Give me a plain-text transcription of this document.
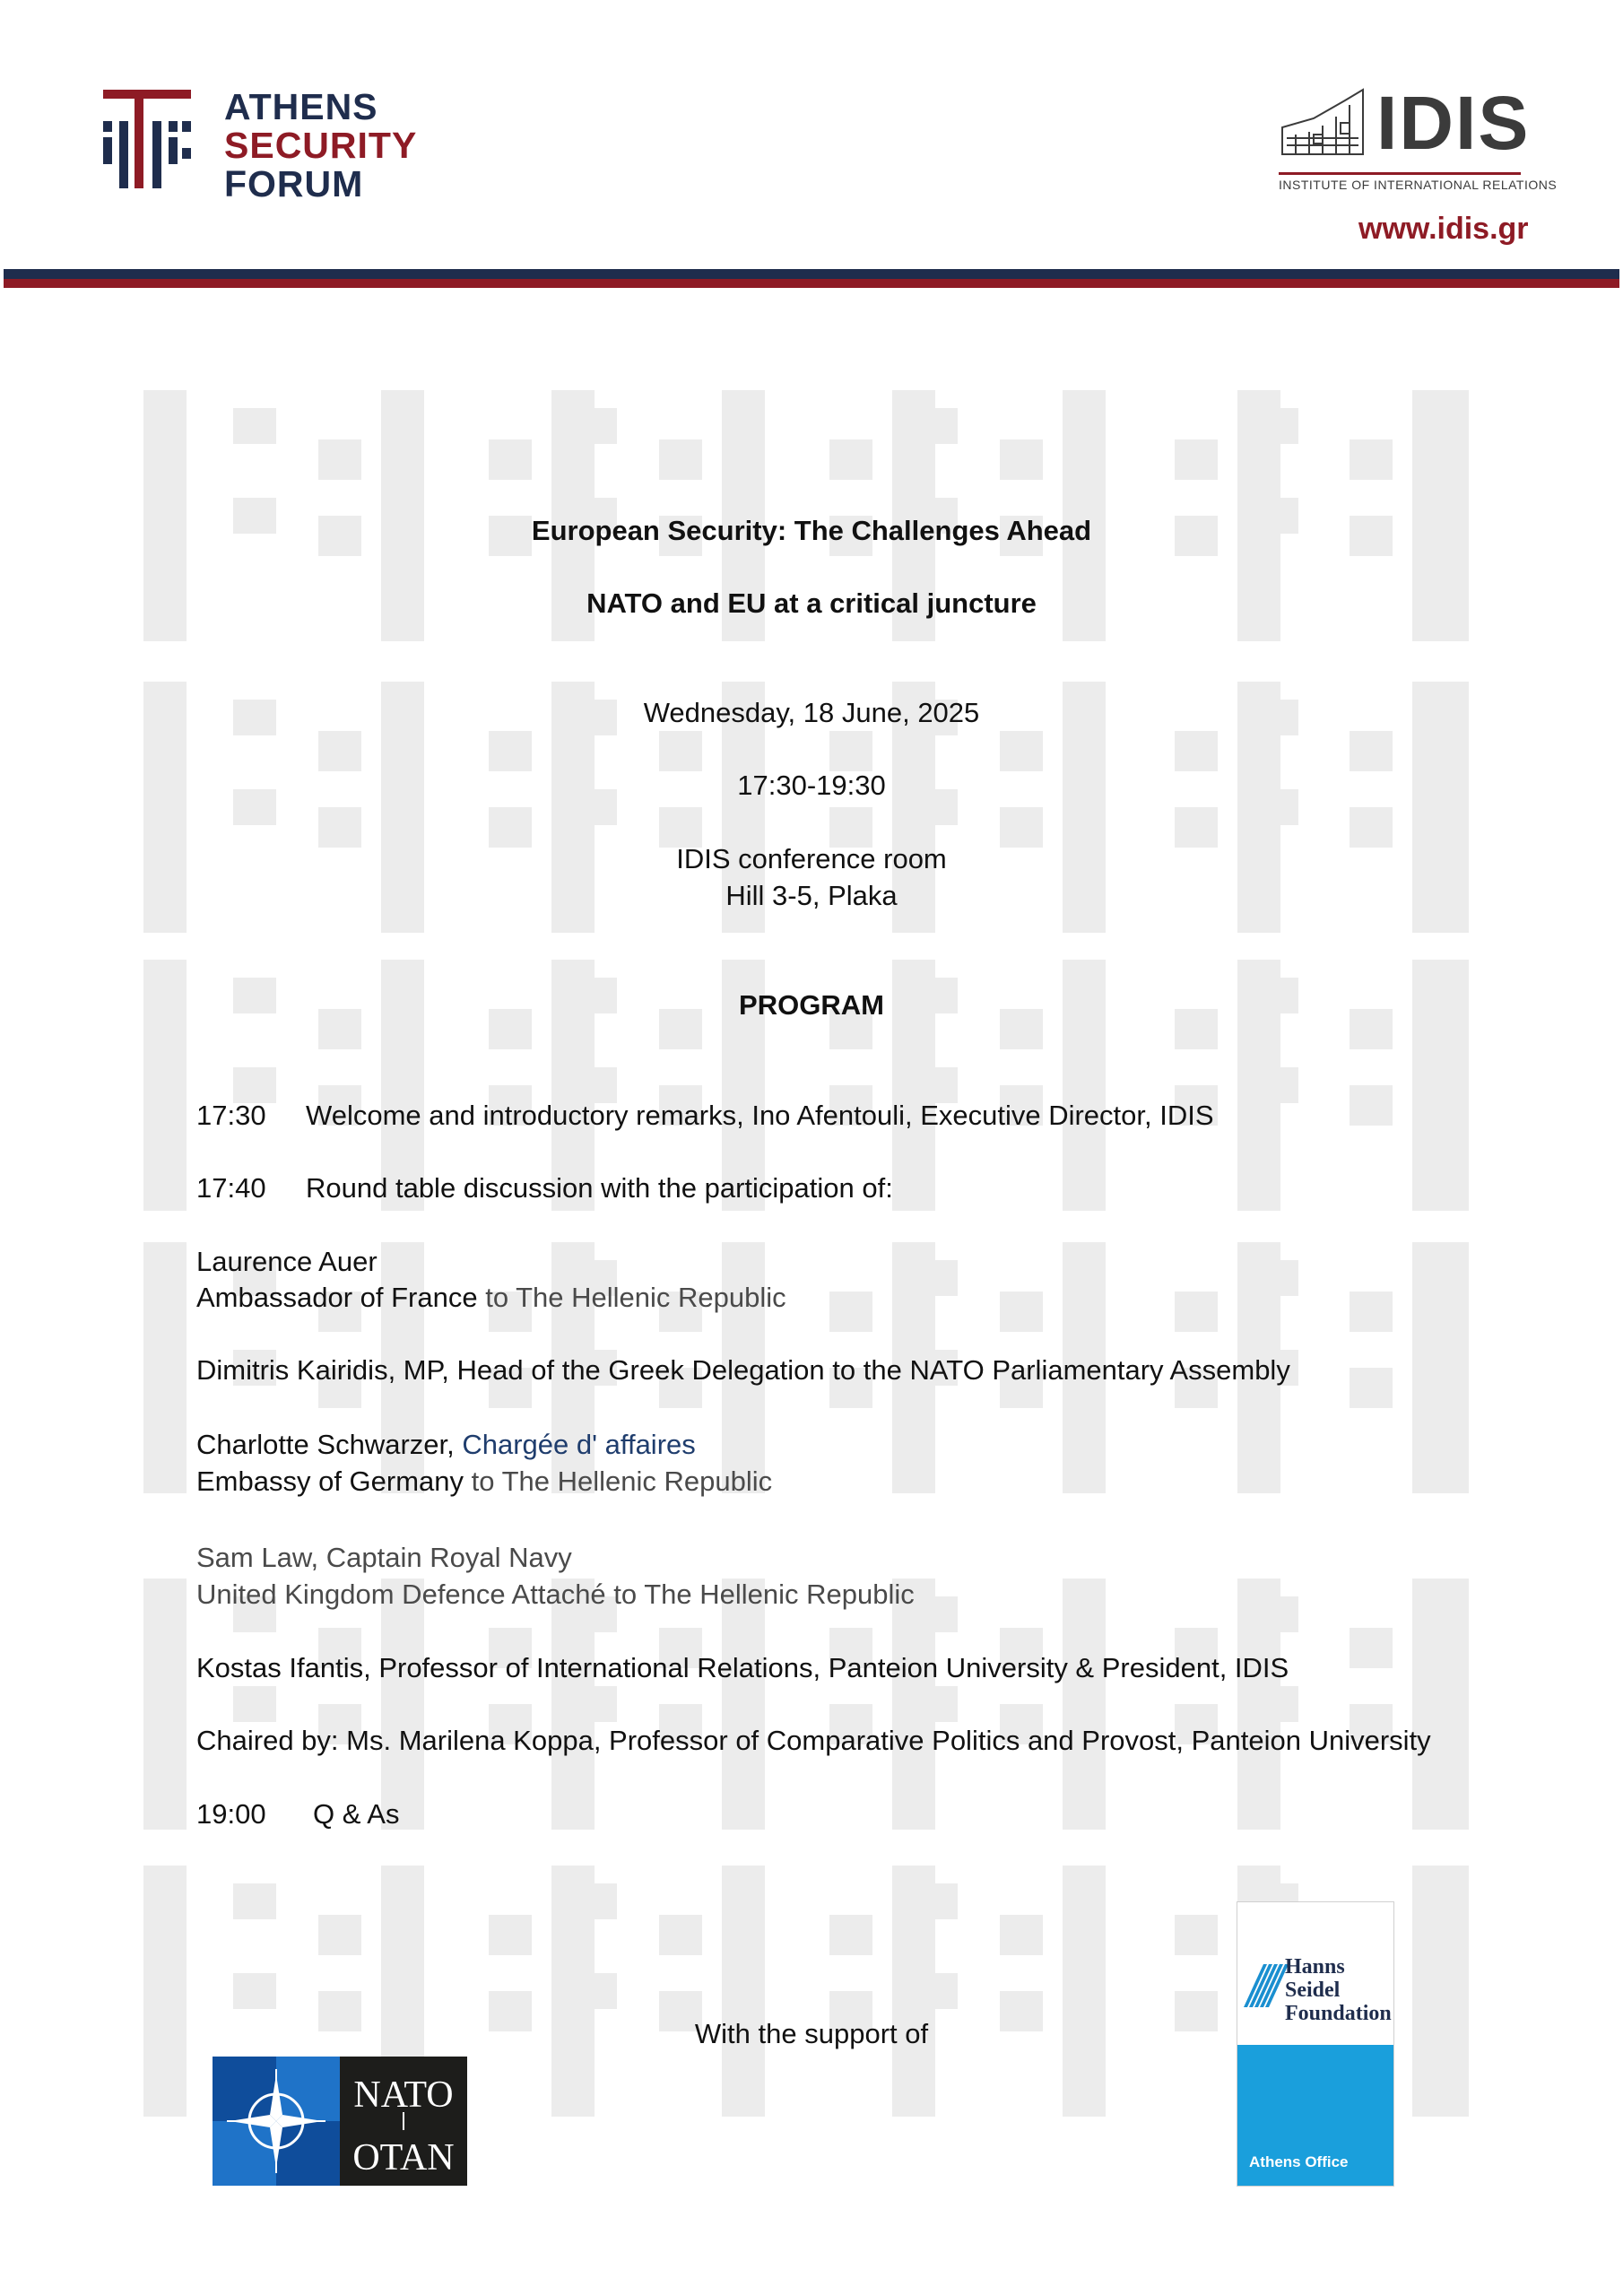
ATHENS
SECURITY
FORUM
IDIS
INSTITUTE OF INTERNATIONAL RELATIONS
www.idis.gr
European Security: The Challenges Ahead
NATO and EU at a critical juncture
Wednesday, 18 June, 2025
17:30-19:30
IDIS conference room
Hill 3-5, Plaka
PROGRAM
17:30 Welcome and introductory remarks, Ino Afentouli, Executive Director, IDIS
17:40 Round table discussion with the participation of:
Laurence Auer
Ambassador of France to The Hellenic Republic
Dimitris Kairidis, MP, Head of the Greek Delegation to the NATO Parliamentary Assembly
Charlotte Schwarzer, Chargée d' affaires
Embassy of Germany to The Hellenic Republic
Sam Law, Captain Royal Navy
United Kingdom Defence Attaché to The Hellenic Republic
Kostas Ifantis, Professor of International Relations, Panteion University & President, IDIS
Chaired by: Ms. Marilena Koppa, Professor of Comparative Politics and Provost, Panteion University
19:00 Q & As
With the support of
NATO
OTAN
Hanns
Seidel
Foundation
Athens Office
